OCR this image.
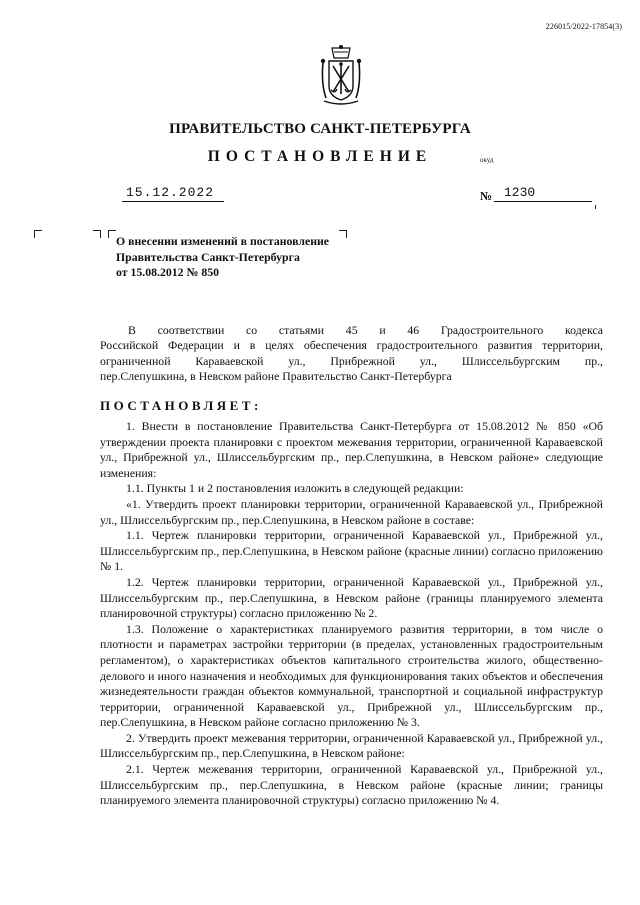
226015/2022-17854(3)
ПРАВИТЕЛЬСТВО САНКТ-ПЕТЕРБУРГА
ПОСТАНОВЛЕНИЕ	окуд
15.12.2022	№ 1230
О внесении изменений в постановление
Правительства Санкт-Петербурга
от 15.08.2012 № 850
В соответствии со статьями 45 и 46 Градостроительного кодекса
Российской Федерации и в целях обеспечения градостроительного развития территории,
ограниченной Караваевской ул., Прибрежной ул., Шлиссельбургским пр.,
пер.Слепушкина, в Невском районе Правительство Санкт-Петербурга
ПОСТАНОВЛЯЕТ:

1. Внести в постановление Правительства Санкт-Петербурга от 15.08.2012 № 850 «Об утверждении проекта планировки с проектом межевания территории, ограниченной Караваевской ул., Прибрежной ул., Шлиссельбургским пр., пер.Слепушкина, в Невском районе» следующие изменения:

1.1. Пункты 1 и 2 постановления изложить в следующей редакции:

«1. Утвердить проект планировки территории, ограниченной Караваевской ул., Прибрежной ул., Шлиссельбургским пр., пер.Слепушкина, в Невском районе в составе:

1.1. Чертеж планировки территории, ограниченной Караваевской ул., Прибрежной ул., Шлиссельбургским пр., пер.Слепушкина, в Невском районе (красные линии) согласно приложению № 1.

1.2. Чертеж планировки территории, ограниченной Караваевской ул., Прибрежной ул., Шлиссельбургским пр., пер.Слепушкина, в Невском районе (границы планируемого элемента планировочной структуры) согласно приложению № 2.

1.3. Положение о характеристиках планируемого развития территории, в том числе о плотности и параметрах застройки территории (в пределах, установленных градостроительным регламентом), о характеристиках объектов капитального строительства жилого, общественно-делового и иного назначения и необходимых для функционирования таких объектов и обеспечения жизнедеятельности граждан объектов коммунальной, транспортной и социальной инфраструктур территории, ограниченной Караваевской ул., Прибрежной ул., Шлиссельбургским пр., пер.Слепушкина, в Невском районе согласно приложению № 3.

2. Утвердить проект межевания территории, ограниченной Караваевской ул., Прибрежной ул., Шлиссельбургским пр., пер.Слепушкина, в Невском районе:

2.1. Чертеж межевания территории, ограниченной Караваевской ул., Прибрежной ул., Шлиссельбургским пр., пер.Слепушкина, в Невском районе (красные линии; границы планируемого элемента планировочной структуры) согласно приложению № 4.
